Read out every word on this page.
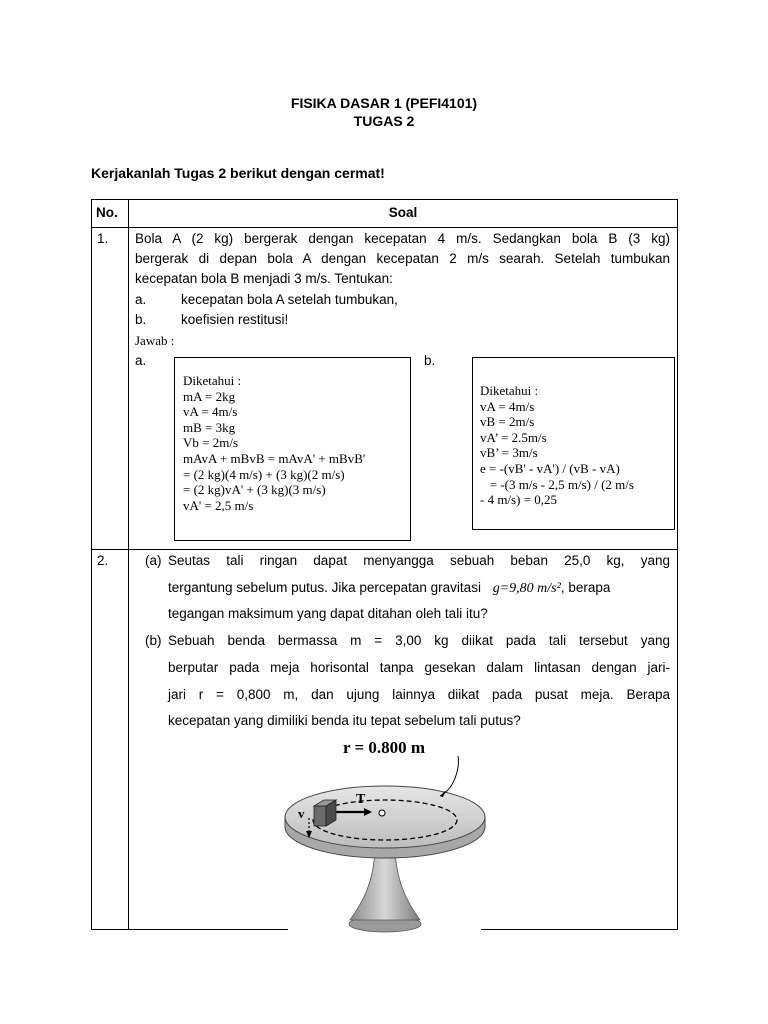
FISIKA DASAR 1 (PEFI4101)
TUGAS 2
Kerjakanlah Tugas 2 berikut dengan cermat!
No.	Soal
1. Bola A (2 kg) bergerak dengan kecepatan 4 m/s. Sedangkan bola B (3 kg)
bergerak di depan bola A dengan kecepatan 2 m/s searah. Setelah tumbukan
kecepatan bola B menjadi 3 m/s. Tentukan:
a.	kecepatan bola A setelah tumbukan,
b.	koefisien restitusi!
Jawab :
a.	b.
Diketahui :
mA = 2kg
vA = 4m/s
mB = 3kg
Vb = 2m/s
mAvA + mBvB = mAvA' + mBvB'
= (2 kg)(4 m/s) + (3 kg)(2 m/s)
= (2 kg)vA' + (3 kg)(3 m/s)
vA' = 2,5 m/s
Diketahui :
vA = 4m/s
vB = 2m/s
vA’ = 2.5m/s
vB’ = 3m/s
e = -(vB' - vA') / (vB - vA)
= -(3 m/s - 2,5 m/s) / (2 m/s
- 4 m/s) = 0,25
2.	(a) Seutas tali ringan dapat menyangga sebuah beban 25,0 kg, yang
tergantung sebelum putus. Jika percepatan gravitasi g=9,80 m/s², berapa
tegangan maksimum yang dapat ditahan oleh tali itu?
(b) Sebuah benda bermassa m = 3,00 kg diikat pada tali tersebut yang
berputar pada meja horisontal tanpa gesekan dalam lintasan dengan jari-
jari r = 0,800 m, dan ujung lainnya diikat pada pusat meja. Berapa
kecepatan yang dimiliki benda itu tepat sebelum tali putus?
r = 0.800 m
T
v
